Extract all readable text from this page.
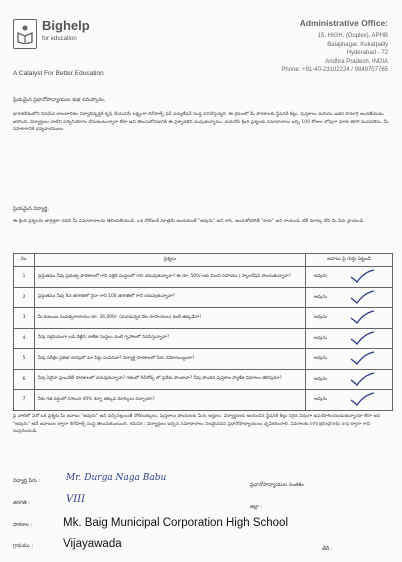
Bighelp
for education
A Catalyst For Better Education
Administrative Office:
15, HIGH, (Duplex), APHB
Balajinagar, Kukatpally
Hyderabad - 72
Andhra Pradesh, INDIA
Phone: +91-40-23102224 / 9849707765
ప్రియమైన ప్రధానోపాధ్యాయుల శుభ నమస్కారం,
భారతదేశంలోని నిరుపేద బాలబాలికల విద్యాభివృద్ధికి కృషి చేయడమే లక్ష్యంగా బిగ్‌హెల్ప్ ఫర్ ఎడ్యుకేషన్ సంస్థ పనిచేస్తున్నది. ఈ క్రమంలో మీ పాఠశాలకు స్టేషనరీ కిట్లు, పుస్తకాలు మరియు ఇతర సామాగ్రి అందజేయడం జరిగింది. విద్యార్థులు వాటిని సద్వినియోగం చేసుకుంటున్నారా లేదా అని తెలుసుకోవడానికి ఈ ప్రశ్నావళిని పంపుతున్నాము. దయచేసి క్రింది ప్రశ్నలకు సమాధానాలు ఇచ్చి 100 రోజుల లోపుగా మాకు తిరిగి పంపవలెను. మీ సహకారానికి ధన్యవాదములు.
ప్రియమైన విద్యార్థి,
ఈ క్రింది ప్రశ్నలను జాగ్రత్తగా చదివి మీ సమాధానాలను తెలియజేయండి. ఒక నోట్‌బుక్ మాత్రమే అందుకుంటే "అవును" అని రాసి, అందుకోకపోతే "కాదు" అని రాయండి. టిక్ మార్కు చేసి మీ పేరు వ్రాయండి.
నెం.	ప్రశ్నలు	జవాబు పై గుర్తు పెట్టండి
1	ప్రస్తుతము నీవు ప్రభుత్వ పాఠశాలలో గాని పబ్లిక్ సంస్థలలో గాని చదువుతున్నావా? ఈ రూ. 500/-లకు మించి సహాయం / స్కాలర్‌షిప్ పొందుతున్నావా?	అవును

2	ప్రస్తుతము నీవు 8వ తరగతిలో నైనా గాని 100 తరగతిలో గాని చదువుతున్నావా?	అవును

3	మీ కుటుంబ సంవత్సరాదాయం రూ. 36,000/- (మూడున్నర వేల రూపాయలు) కంటే తక్కువేనా?	అవును

4	నీవు సక్రమముగా బడి వెళ్లేది, కాలేజి సంస్థలు వంటి గృహాలలో నివసిస్తున్నావా?	అవును

5	నీవు పరీక్షల ప్రతిభ చూపులో మా పేర్లు పంపినవా? విద్యార్థి పాఠశాలలో పేరు నమోదయ్యిందా?	అవును

6	నీవు ఏదైనా ప్రయివేట్ పాఠశాలలో చదువుకున్నావా? గతంలో రీచ్‌రోడ్స్ లో ప్రవేశం పొందావా? నీవు పొందిన పుస్తకాల ప్యాకేజి వివరాలు తెలిపుమా?	అవును

7	నీకు గత వర్షంలో సగటున 40% కన్నా తక్కువ మార్కులు వచ్చాయా?	అవును
పై వాటిలో ఏదో ఒక ప్రశ్నకు మీ జవాబు "అవును" అని వచ్చినట్లయితే నోట్‌బుక్కులు, పుస్తకాలు పొందుటకు మీరు అర్హులు. విద్యార్థులకు అందించిన స్టేషనరీ కిట్లు సరైన విధంగా ఉపయోగించబడుతున్నాయా లేదా అని "అవును" అనే జవాబుల ద్వారా బిగ్‌హెల్ప్ సంస్థ తెలుసుకుంటుంది. గమనిక : విద్యార్థులు ఇచ్చిన సమాధానాలు నిజమైనవని ప్రధానోపాధ్యాయులు ధృవీకరించాలి. వివరాలకు info@bighelp.org ద్వారా గాని సంప్రదించండి.
విద్యార్థి పేరు :	Mr. Durga Naga Babu
తరగతి :	VIII
ప్రధానోపాధ్యాయుల సంతకం
జిల్లా :
తేదీ :
పాఠశాల :	Mk. Baig Municipal Corporation High School
గ్రామము :	Vijayawada
